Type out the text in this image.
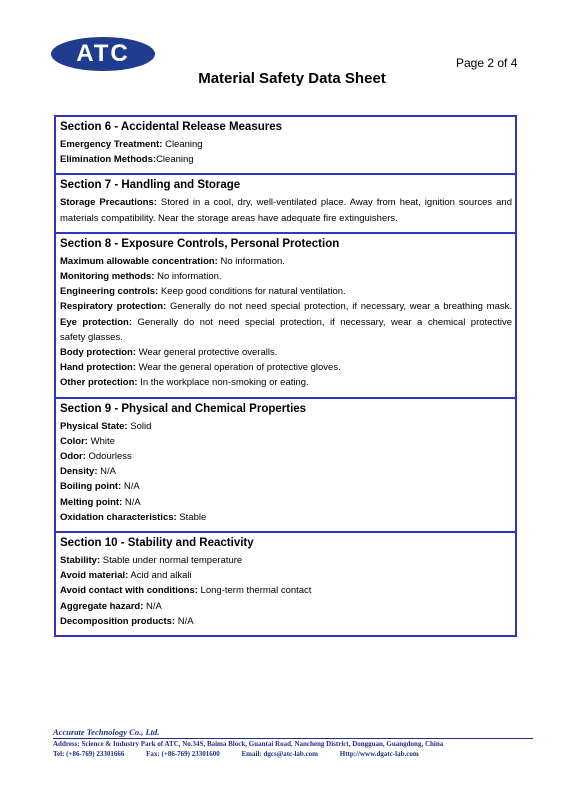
ATC	Page 2 of 4
Material Safety Data Sheet
Section 6 - Accidental Release Measures
Emergency Treatment: Cleaning
Elimination Methods:Cleaning
Section 7 - Handling and Storage
Storage Precautions: Stored in a cool, dry, well-ventilated place. Away from heat, ignition sources and
materials compatibility. Near the storage areas have adequate fire extinguishers.
Section 8 - Exposure Controls, Personal Protection
Maximum allowable concentration: No information.
Monitoring methods: No information.
Engineering controls: Keep good conditions for natural ventilation.
Respiratory protection: Generally do not need special protection, if necessary, wear a breathing mask.
Eye protection: Generally do not need special protection, if necessary, wear a chemical protective
safety glasses.
Body protection: Wear general protective overalls.
Hand protection: Wear the general operation of protective gloves.
Other protection: In the workplace non-smoking or eating.
Section 9 - Physical and Chemical Properties
Physical State: Solid
Color: White
Odor: Odourless
Density: N/A
Boiling point: N/A
Melting point: N/A
Oxidation characteristics: Stable
Section 10 - Stability and Reactivity
Stability: Stable under normal temperature
Avoid material: Acid and alkali
Avoid contact with conditions: Long-term thermal contact
Aggregate hazard: N/A
Decomposition products: N/A
Accurate Technology Co., Ltd.
Address: Science & Industry Park of ATC, No.34S, Baima Block, Guantai Road, Nancheng District, Dongguan, Guangdong, China
Tel: (+86-769) 23301666	Fax: (+86-769) 23301600	Email: dgcs@atc-lab.com	Http://www.dgatc-lab.com
